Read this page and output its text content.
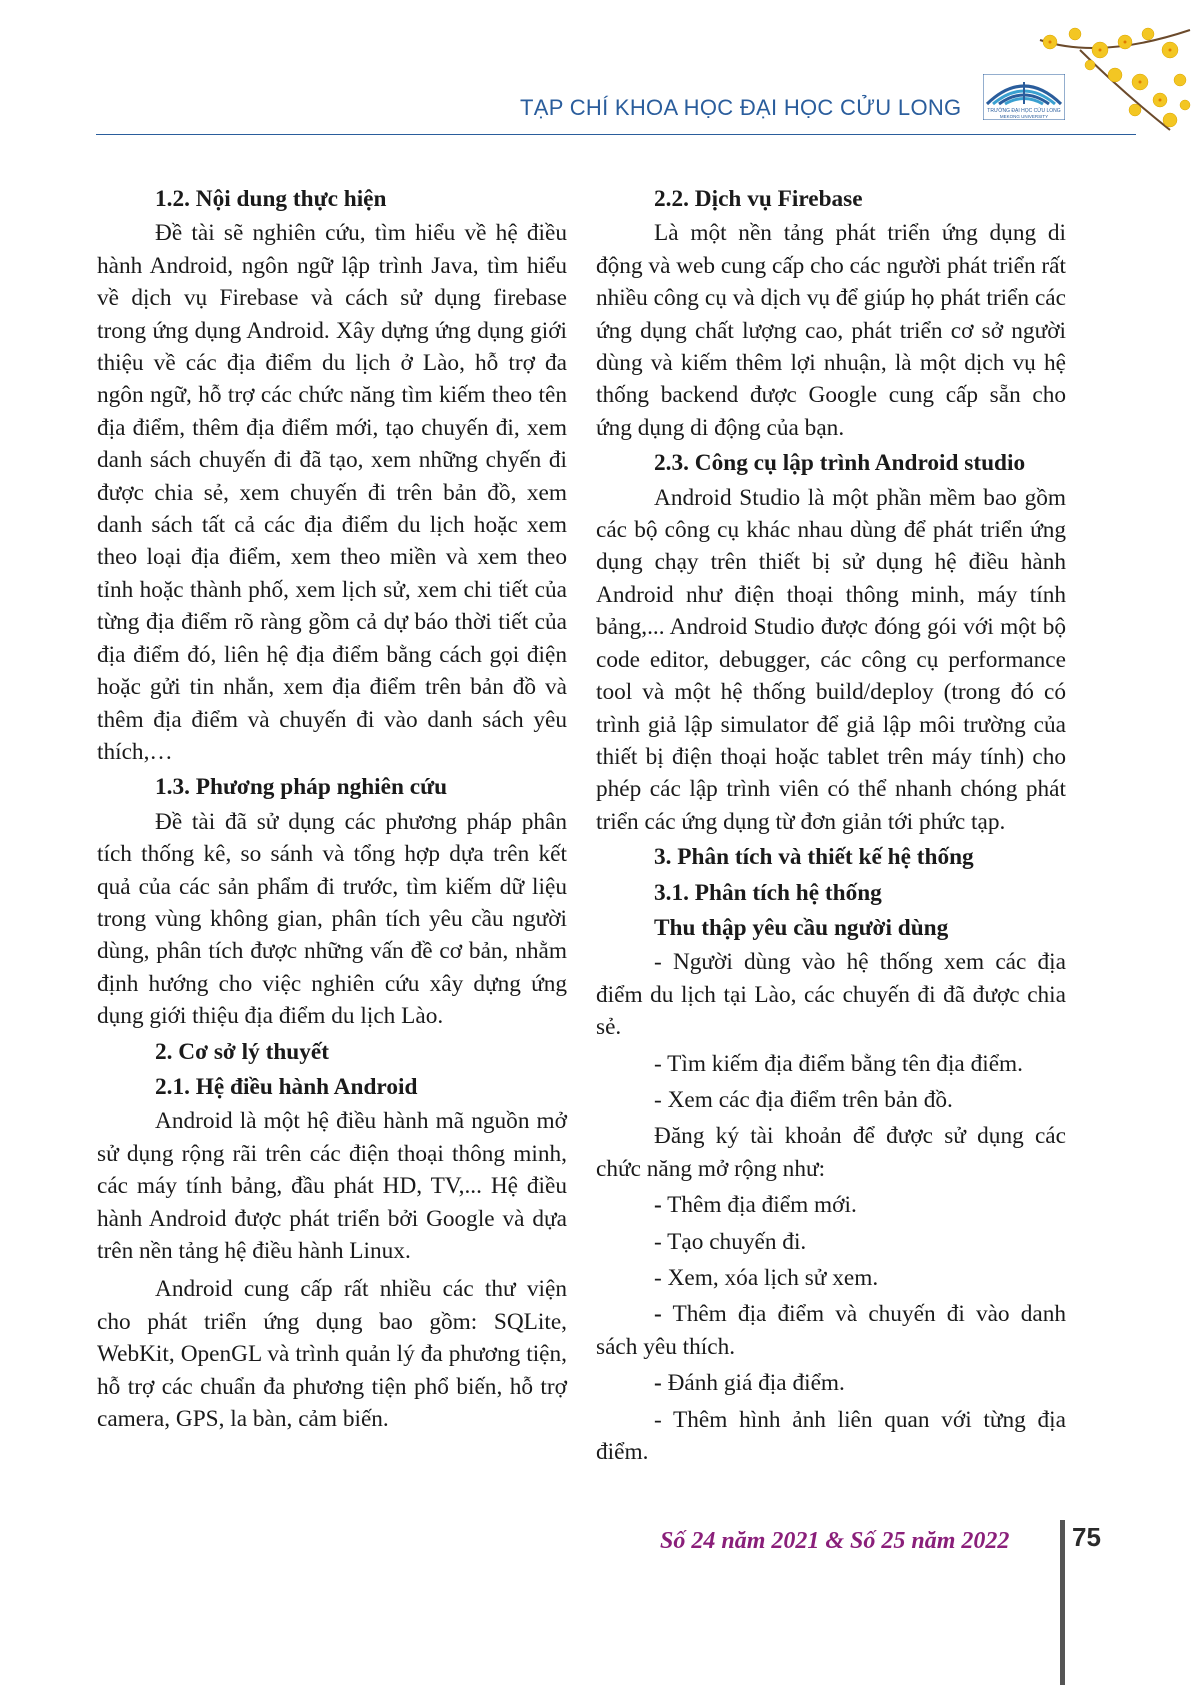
TẠP CHÍ KHOA HỌC ĐẠI HỌC CỬU LONG	TRƯỜNG ĐẠI HỌC CỬU LONG
MEKONG UNIVERSITY

1.2. Nội dung thực hiện

Đề tài sẽ nghiên cứu, tìm hiểu về hệ điều hành Android, ngôn ngữ lập trình Java, tìm hiểu về dịch vụ Firebase và cách sử dụng firebase trong ứng dụng Android. Xây dựng ứng dụng giới thiệu về các địa điểm du lịch ở Lào, hỗ trợ đa ngôn ngữ, hỗ trợ các chức năng tìm kiếm theo tên địa điểm, thêm địa điểm mới, tạo chuyến đi, xem danh sách chuyến đi đã tạo, xem những chyến đi được chia sẻ, xem chuyến đi trên bản đồ, xem danh sách tất cả các địa điểm du lịch hoặc xem theo loại địa điểm, xem theo miền và xem theo tỉnh hoặc thành phố, xem lịch sử, xem chi tiết của từng địa điểm rõ ràng gồm cả dự báo thời tiết của địa điểm đó, liên hệ địa điểm bằng cách gọi điện hoặc gửi tin nhắn, xem địa điểm trên bản đồ và thêm địa điểm và chuyến đi vào danh sách yêu thích,…

1.3. Phương pháp nghiên cứu

Đề tài đã sử dụng các phương pháp phân tích thống kê, so sánh và tổng hợp dựa trên kết quả của các sản phẩm đi trước, tìm kiếm dữ liệu trong vùng không gian, phân tích yêu cầu người dùng, phân tích được những vấn đề cơ bản, nhằm định hướng cho việc nghiên cứu xây dựng ứng dụng giới thiệu địa điểm du lịch Lào.

2. Cơ sở lý thuyết

2.1. Hệ điều hành Android

Android là một hệ điều hành mã nguồn mở sử dụng rộng rãi trên các điện thoại thông minh, các máy tính bảng, đầu phát HD, TV,... Hệ điều hành Android được phát triển bởi Google và dựa trên nền tảng hệ điều hành Linux.

Android cung cấp rất nhiều các thư viện cho phát triển ứng dụng bao gồm: SQLite, WebKit, OpenGL và trình quản lý đa phương tiện, hỗ trợ các chuẩn đa phương tiện phổ biến, hỗ trợ camera, GPS, la bàn, cảm biến.

2.2. Dịch vụ Firebase

Là một nền tảng phát triển ứng dụng di động và web cung cấp cho các người phát triển rất nhiều công cụ và dịch vụ để giúp họ phát triển các ứng dụng chất lượng cao, phát triển cơ sở người dùng và kiếm thêm lợi nhuận, là một dịch vụ hệ thống backend được Google cung cấp sẵn cho ứng dụng di động của bạn.

2.3. Công cụ lập trình Android studio

Android Studio là một phần mềm bao gồm các bộ công cụ khác nhau dùng để phát triển ứng dụng chạy trên thiết bị sử dụng hệ điều hành Android như điện thoại thông minh, máy tính bảng,... Android Studio được đóng gói với một bộ code editor, debugger, các công cụ performance tool và một hệ thống build/deploy (trong đó có trình giả lập simulator để giả lập môi trường của thiết bị điện thoại hoặc tablet trên máy tính) cho phép các lập trình viên có thể nhanh chóng phát triển các ứng dụng từ đơn giản tới phức tạp.

3. Phân tích và thiết kế hệ thống

3.1. Phân tích hệ thống

Thu thập yêu cầu người dùng

- Người dùng vào hệ thống xem các địa điểm du lịch tại Lào, các chuyến đi đã được chia sẻ.

- Tìm kiếm địa điểm bằng tên địa điểm.

- Xem các địa điểm trên bản đồ.

Đăng ký tài khoản để được sử dụng các chức năng mở rộng như:

- Thêm địa điểm mới.

- Tạo chuyến đi.

- Xem, xóa lịch sử xem.

- Thêm địa điểm và chuyến đi vào danh sách yêu thích.

- Đánh giá địa điểm.

- Thêm hình ảnh liên quan với từng địa điểm.

Số 24 năm 2021 & Số 25 năm 2022 75
